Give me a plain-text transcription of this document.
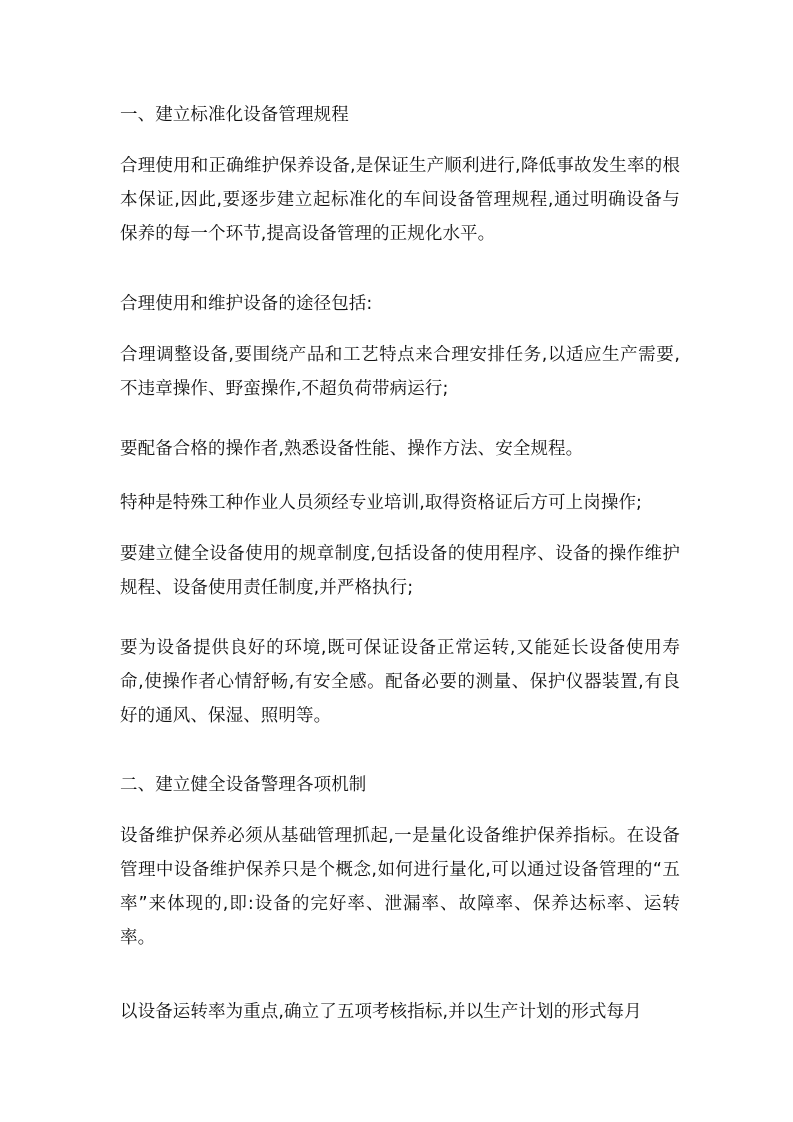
一、建立标准化设备管理规程

合理使用和正确维护保养设备,是保证生产顺利进行,降低事故发生率的根本保证,因此,要逐步建立起标准化的车间设备管理规程,通过明确设备与保养的每一个环节,提高设备管理的正规化水平。

合理使用和维护设备的途径包括:

合理调整设备,要围绕产品和工艺特点来合理安排任务,以适应生产需要,不违章操作、野蛮操作,不超负荷带病运行;

要配备合格的操作者,熟悉设备性能、操作方法、安全规程。

特种是特殊工种作业人员须经专业培训,取得资格证后方可上岗操作;

要建立健全设备使用的规章制度,包括设备的使用程序、设备的操作维护规程、设备使用责任制度,并严格执行;

要为设备提供良好的环境,既可保证设备正常运转,又能延长设备使用寿命,使操作者心情舒畅,有安全感。配备必要的测量、保护仪器装置,有良好的通风、保湿、照明等。

二、建立健全设备警理各项机制

设备维护保养必须从基础管理抓起,一是量化设备维护保养指标。在设备管理中设备维护保养只是个概念,如何进行量化,可以通过设备管理的“五率”来体现的,即:设备的完好率、泄漏率、故障率、保养达标率、运转率。

以设备运转率为重点,确立了五项考核指标,并以生产计划的形式每月
